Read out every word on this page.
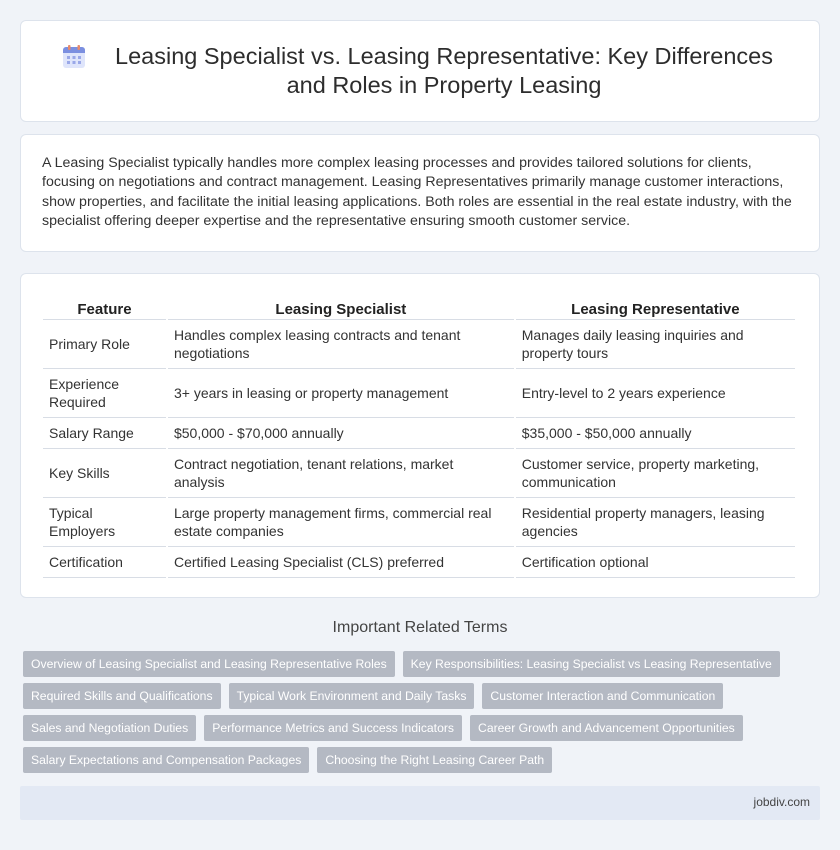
Leasing Specialist vs. Leasing Representative: Key Differences and Roles in Property Leasing

A Leasing Specialist typically handles more complex leasing processes and provides tailored solutions for clients, focusing on negotiations and contract management. Leasing Representatives primarily manage customer interactions, show properties, and facilitate the initial leasing applications. Both roles are essential in the real estate industry, with the specialist offering deeper expertise and the representative ensuring smooth customer service.

Feature	Leasing Specialist	Leasing Representative
Primary Role	Handles complex leasing contracts and tenant negotiations	Manages daily leasing inquiries and property tours
Experience Required	3+ years in leasing or property management	Entry-level to 2 years experience
Salary Range	$50,000 - $70,000 annually	$35,000 - $50,000 annually
Key Skills	Contract negotiation, tenant relations, market analysis	Customer service, property marketing, communication
Typical Employers	Large property management firms, commercial real estate companies	Residential property managers, leasing agencies
Certification	Certified Leasing Specialist (CLS) preferred	Certification optional
Important Related Terms
Overview of Leasing Specialist and Leasing Representative Roles	Key Responsibilities: Leasing Specialist vs Leasing Representative
Required Skills and Qualifications	Typical Work Environment and Daily Tasks	Customer Interaction and Communication
Sales and Negotiation Duties	Performance Metrics and Success Indicators	Career Growth and Advancement Opportunities
Salary Expectations and Compensation Packages	Choosing the Right Leasing Career Path
jobdiv.com
